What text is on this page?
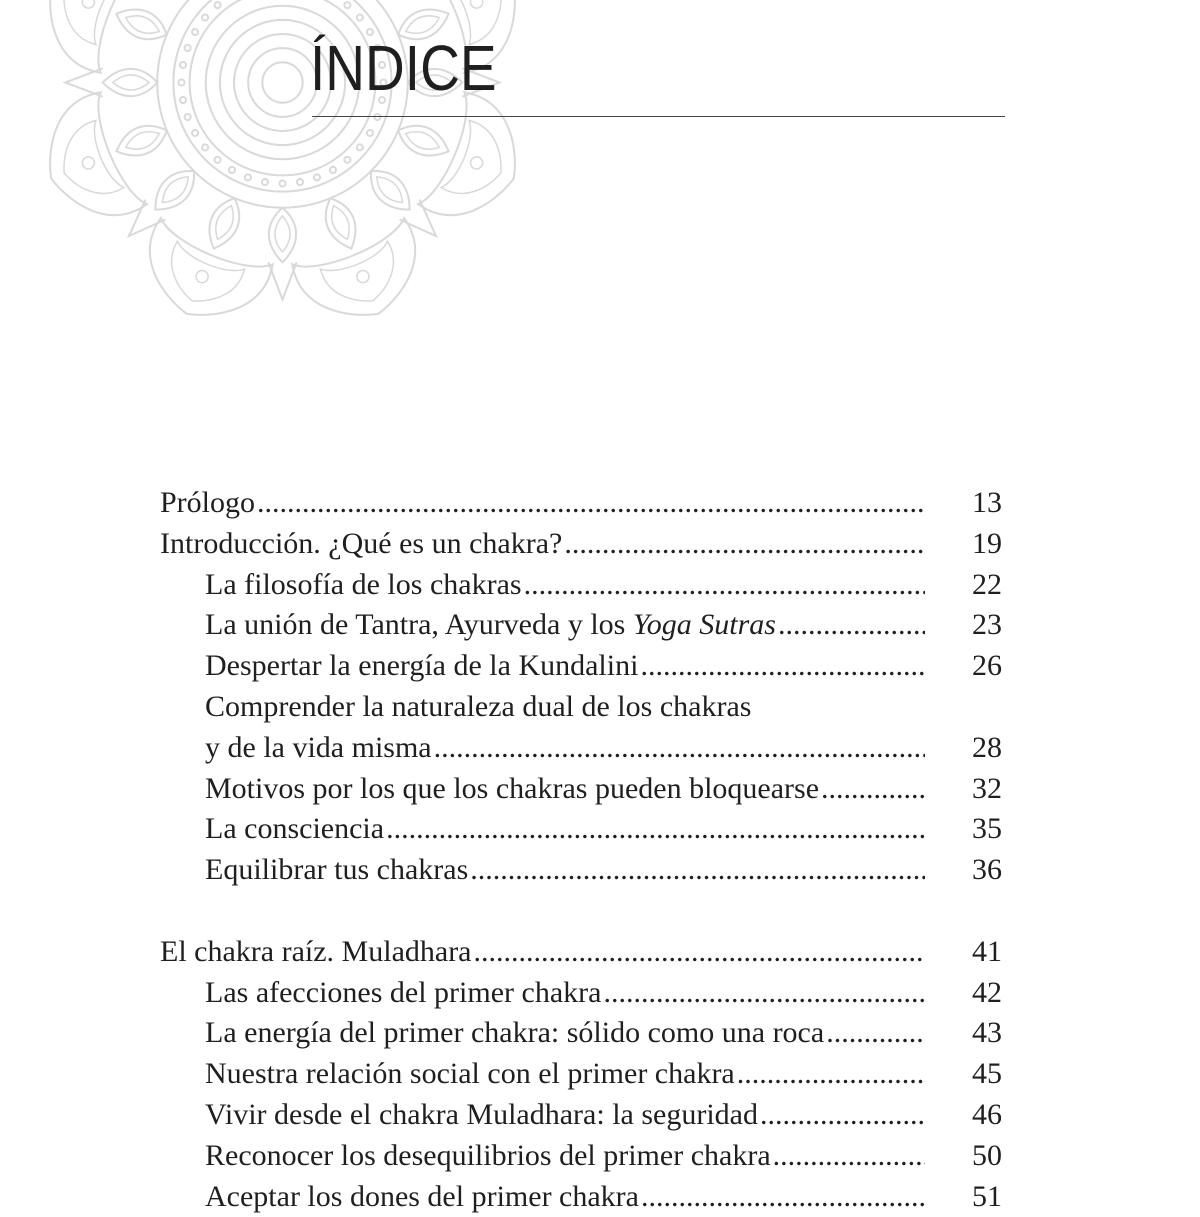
ÍNDICE
Prólogo .....	13
Introducción. ¿Qué es un chakra? .....	19
La filosofía de los chakras .....	22
La unión de Tantra, Ayurveda y los Yoga Sutras .....	23
Despertar la energía de la Kundalini .....	26
Comprender la naturaleza dual de los chakras
y de la vida misma .....	28
Motivos por los que los chakras pueden bloquearse .....	32
La consciencia .....	35
Equilibrar tus chakras .....	36
El chakra raíz. Muladhara .....	41
Las afecciones del primer chakra .....	42
La energía del primer chakra: sólido como una roca .....	43
Nuestra relación social con el primer chakra .....	45
Vivir desde el chakra Muladhara: la seguridad .....	46
Reconocer los desequilibrios del primer chakra .....	50
Aceptar los dones del primer chakra .....	51
